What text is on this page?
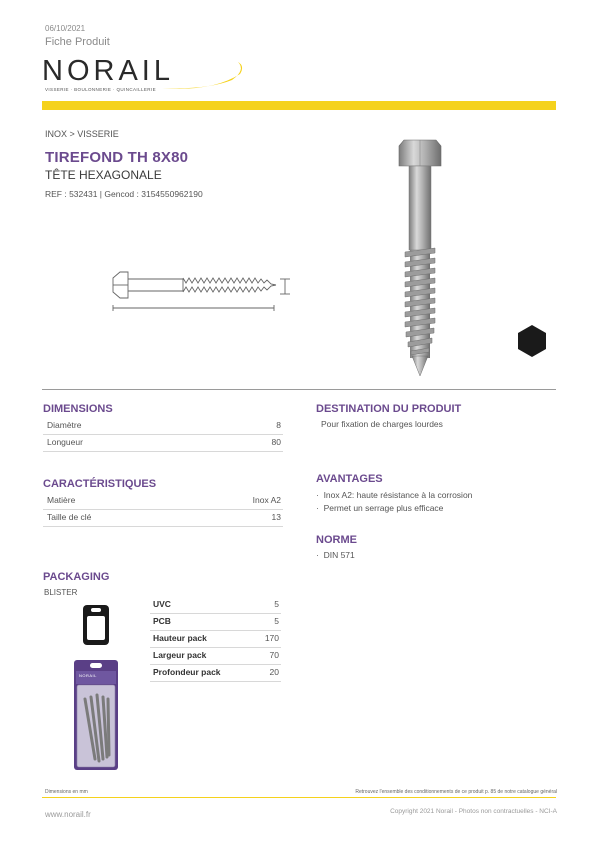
06/10/2021
Fiche Produit
NORAIL
VISSERIE · BOULONNERIE · QUINCAILLERIE
INOX > VISSERIE
TIREFOND TH 8X80
TÊTE HEXAGONALE
REF : 532431 | Gencod : 3154550962190
DIMENSIONS
Diamètre	8
Longueur	80
CARACTÉRISTIQUES
Matière	Inox A2
Taille de clé	13
DESTINATION DU PRODUIT
Pour fixation de charges lourdes
AVANTAGES
·  Inox A2: haute résistance à la corrosion
·  Permet un serrage plus efficace
NORME
·  DIN 571
PACKAGING
BLISTER
NORAIL
UVC	5
PCB	5
Hauteur pack	170
Largeur pack	70
Profondeur pack	20
Dimensions en mm	Retrouvez l'ensemble des conditionnements de ce produit p. 85 de notre catalogue général
www.norail.fr	Copyright 2021 Norail - Photos non contractuelles - NCI-A
